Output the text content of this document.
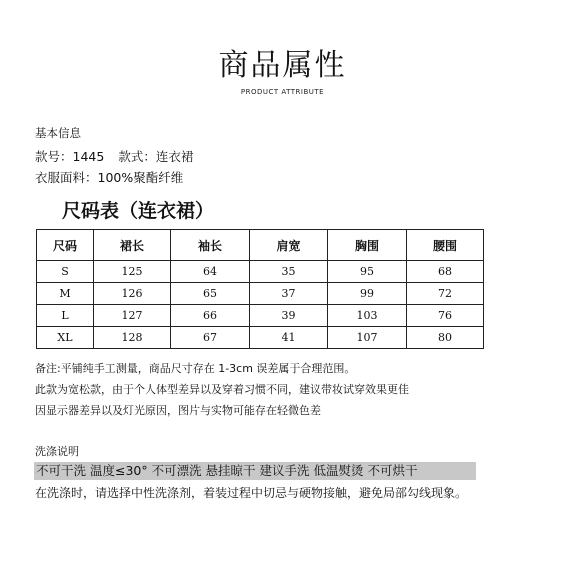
商品属性
PRODUCT ATTRIBUTE
基本信息
款号：1445 款式：连衣裙
衣服面料：100%聚酯纤维
尺码表（连衣裙）
尺码	裙长	袖长	肩宽	胸围	腰围
S	125	64	35	95	68
M	126	65	37	99	72
L	127	66	39	103	76
XL	128	67	41	107	80
备注:平铺纯手工测量，商品尺寸存在 1-3cm 误差属于合理范围。
此款为宽松款，由于个人体型差异以及穿着习惯不同，建议带妆试穿效果更佳
因显示器差异以及灯光原因，图片与实物可能存在轻微色差
洗涤说明
不可干洗 温度≤30° 不可漂洗 悬挂晾干 建议手洗 低温熨烫 不可烘干
在洗涤时，请选择中性洗涤剂，着装过程中切忌与硬物接触，避免局部勾线现象。
